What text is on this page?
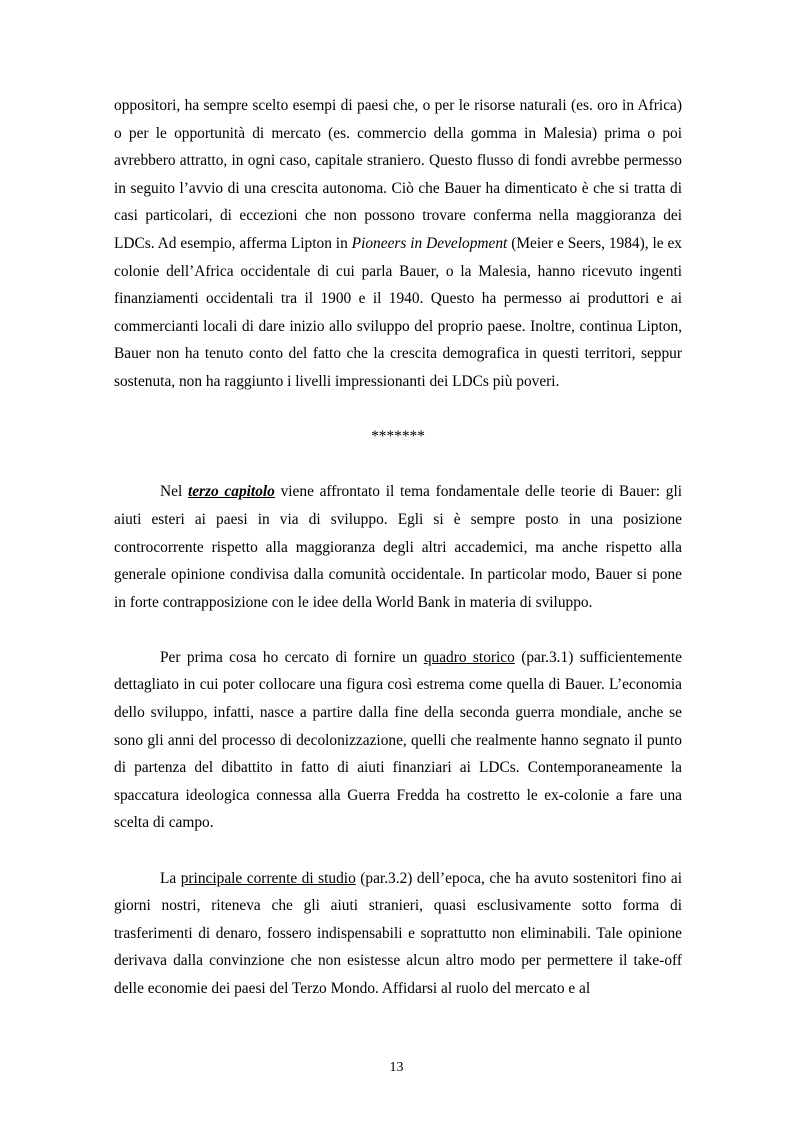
oppositori, ha sempre scelto esempi di paesi che, o per le risorse naturali (es. oro in Africa) o per le opportunità di mercato (es. commercio della gomma in Malesia) prima o poi avrebbero attratto, in ogni caso, capitale straniero. Questo flusso di fondi avrebbe permesso in seguito l’avvio di una crescita autonoma. Ciò che Bauer ha dimenticato è che si tratta di casi particolari, di eccezioni che non possono trovare conferma nella maggioranza dei LDCs. Ad esempio, afferma Lipton in Pioneers in Development (Meier e Seers, 1984), le ex colonie dell’Africa occidentale di cui parla Bauer, o la Malesia, hanno ricevuto ingenti finanziamenti occidentali tra il 1900 e il 1940. Questo ha permesso ai produttori e ai commercianti locali di dare inizio allo sviluppo del proprio paese. Inoltre, continua Lipton, Bauer non ha tenuto conto del fatto che la crescita demografica in questi territori, seppur sostenuta, non ha raggiunto i livelli impressionanti dei LDCs più poveri.

*******

Nel terzo capitolo viene affrontato il tema fondamentale delle teorie di Bauer: gli aiuti esteri ai paesi in via di sviluppo. Egli si è sempre posto in una posizione controcorrente rispetto alla maggioranza degli altri accademici, ma anche rispetto alla generale opinione condivisa dalla comunità occidentale. In particolar modo, Bauer si pone in forte contrapposizione con le idee della World Bank in materia di sviluppo.

Per prima cosa ho cercato di fornire un quadro storico (par.3.1) sufficientemente dettagliato in cui poter collocare una figura così estrema come quella di Bauer. L’economia dello sviluppo, infatti, nasce a partire dalla fine della seconda guerra mondiale, anche se sono gli anni del processo di decolonizzazione, quelli che realmente hanno segnato il punto di partenza del dibattito in fatto di aiuti finanziari ai LDCs. Contemporaneamente la spaccatura ideologica connessa alla Guerra Fredda ha costretto le ex-colonie a fare una scelta di campo.

La principale corrente di studio (par.3.2) dell’epoca, che ha avuto sostenitori fino ai giorni nostri, riteneva che gli aiuti stranieri, quasi esclusivamente sotto forma di trasferimenti di denaro, fossero indispensabili e soprattutto non eliminabili. Tale opinione derivava dalla convinzione che non esistesse alcun altro modo per permettere il take-off delle economie dei paesi del Terzo Mondo. Affidarsi al ruolo del mercato e al

13
